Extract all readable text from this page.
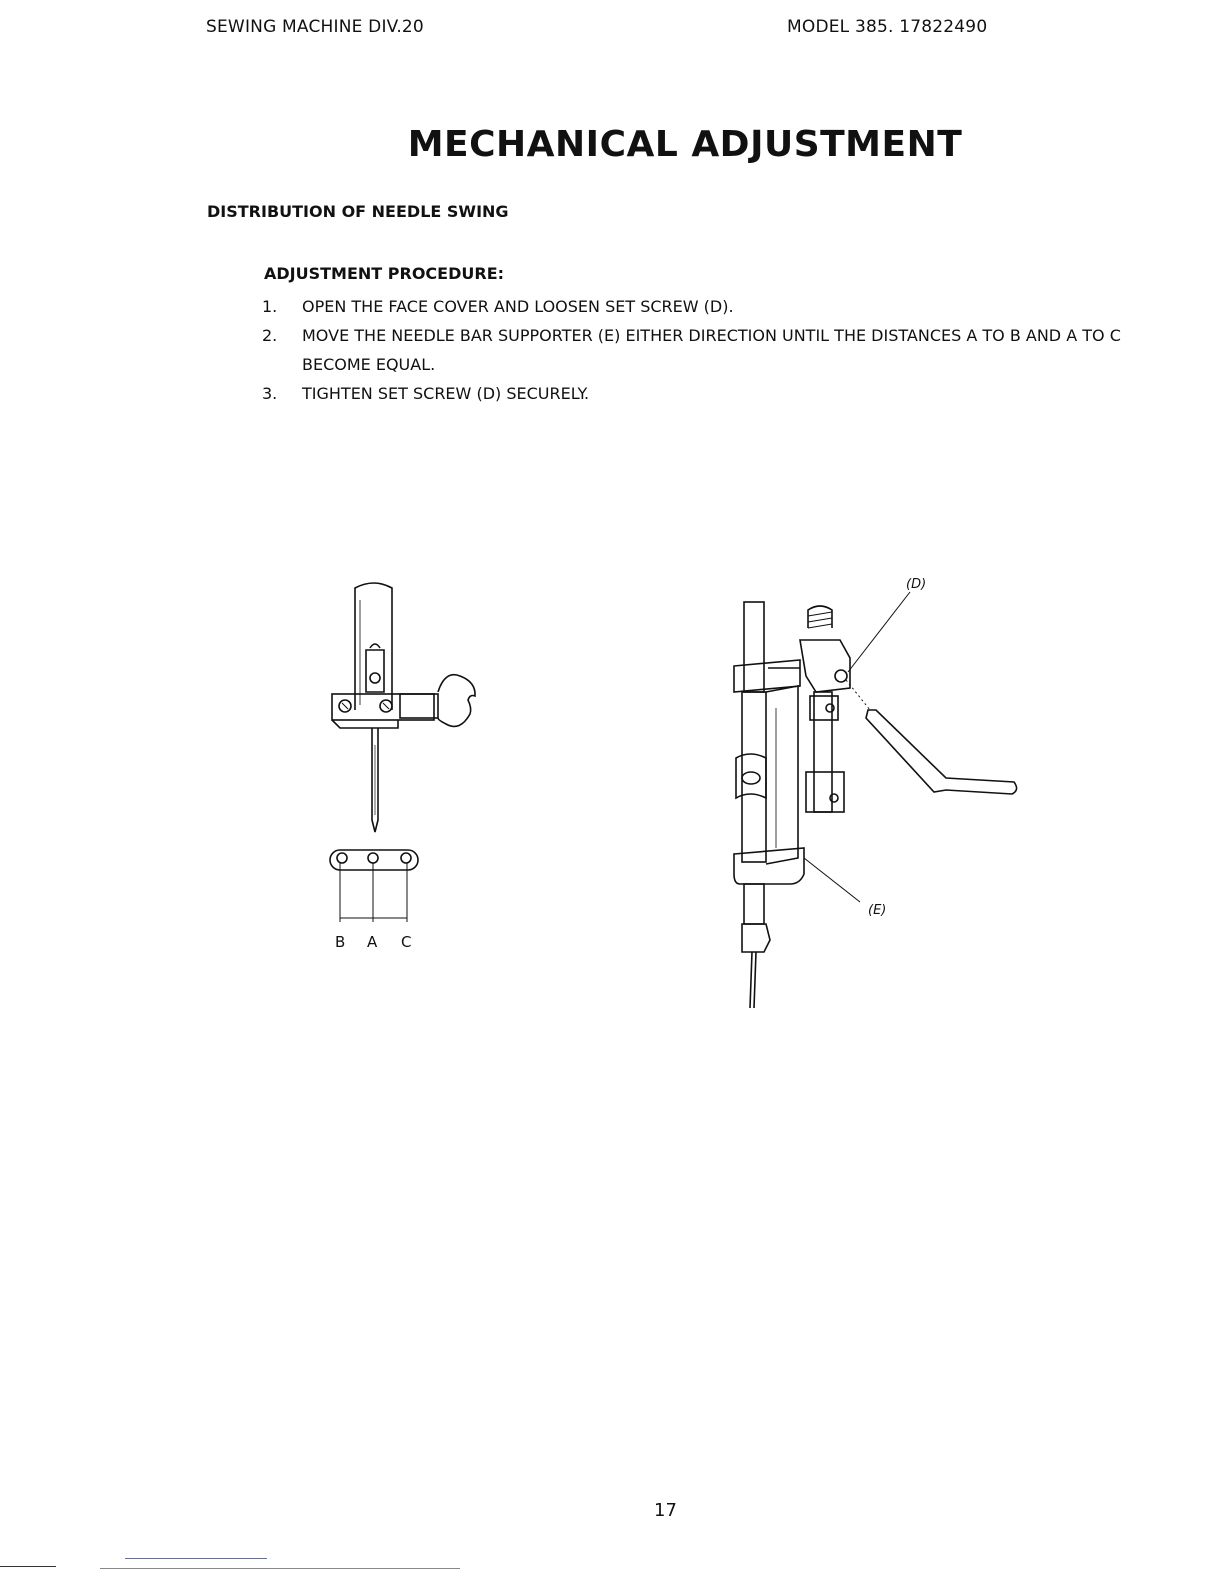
SEWING MACHINE DIV.20	MODEL 385. 17822490
MECHANICAL ADJUSTMENT
DISTRIBUTION OF NEEDLE SWING
ADJUSTMENT PROCEDURE:
1. OPEN THE FACE COVER AND LOOSEN SET SCREW (D).
2. MOVE THE NEEDLE BAR SUPPORTER (E) EITHER DIRECTION UNTIL THE DISTANCES A TO B AND A TO C BECOME EQUAL.
3. TIGHTEN SET SCREW (D) SECURELY.
B A C
(D)
(E)
17
